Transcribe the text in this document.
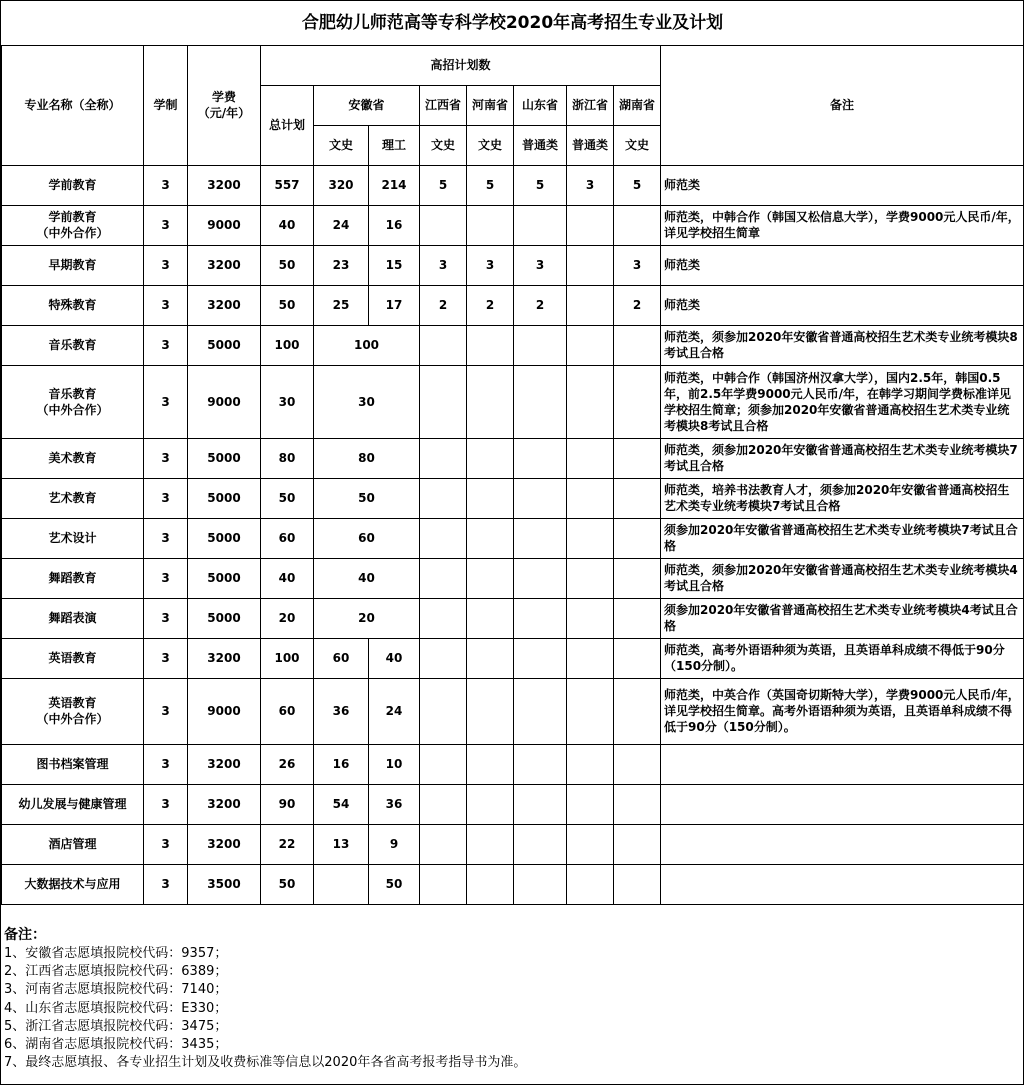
合肥幼儿师范高等专科学校2020年高考招生专业及计划											
专业名称（全称）	学制	学费
（元/年）	高招计划数								备注
			总计划	安徽省		江西省	河南省	山东省	浙江省	湖南省	
				文史	理工	文史	文史	普通类	普通类	文史	
学前教育	3	3200	557	320	214	5	5	5	3	5	师范类
学前教育
（中外合作）	3	9000	40	24	16						师范类，中韩合作（韩国又松信息大学），学费9000元人民币/年，详见学校招生简章
早期教育	3	3200	50	23	15	3	3	3		3	师范类
特殊教育	3	3200	50	25	17	2	2	2		2	师范类
音乐教育	3	5000	100	100							师范类，须参加2020年安徽省普通高校招生艺术类专业统考模块8考试且合格
音乐教育
（中外合作）	3	9000	30	30							师范类，中韩合作（韩国济州汉拿大学），国内2.5年，韩国0.5年，前2.5年学费9000元人民币/年，在韩学习期间学费标准详见学校招生简章；须参加2020年安徽省普通高校招生艺术类专业统考模块8考试且合格
美术教育	3	5000	80	80							师范类，须参加2020年安徽省普通高校招生艺术类专业统考模块7考试且合格
艺术教育	3	5000	50	50							师范类，培养书法教育人才，须参加2020年安徽省普通高校招生艺术类专业统考模块7考试且合格
艺术设计	3	5000	60	60							须参加2020年安徽省普通高校招生艺术类专业统考模块7考试且合格
舞蹈教育	3	5000	40	40							师范类，须参加2020年安徽省普通高校招生艺术类专业统考模块4考试且合格
舞蹈表演	3	5000	20	20							须参加2020年安徽省普通高校招生艺术类专业统考模块4考试且合格
英语教育	3	3200	100	60	40						师范类，高考外语语种须为英语，且英语单科成绩不得低于90分（150分制）。
英语教育
（中外合作）	3	9000	60	36	24						师范类，中英合作（英国奇切斯特大学），学费9000元人民币/年，详见学校招生简章。高考外语语种须为英语，且英语单科成绩不得低于90分（150分制）。
图书档案管理	3	3200	26	16	10						
幼儿发展与健康管理	3	3200	90	54	36						
酒店管理	3	3200	22	13	9						
大数据技术与应用	3	3500	50		50						
备注：
1、安徽省志愿填报院校代码：9357；
2、江西省志愿填报院校代码：6389；
3、河南省志愿填报院校代码：7140；
4、山东省志愿填报院校代码：E330；
5、浙江省志愿填报院校代码：3475；
6、湖南省志愿填报院校代码：3435；
7、最终志愿填报、各专业招生计划及收费标准等信息以2020年各省高考报考指导书为准。
